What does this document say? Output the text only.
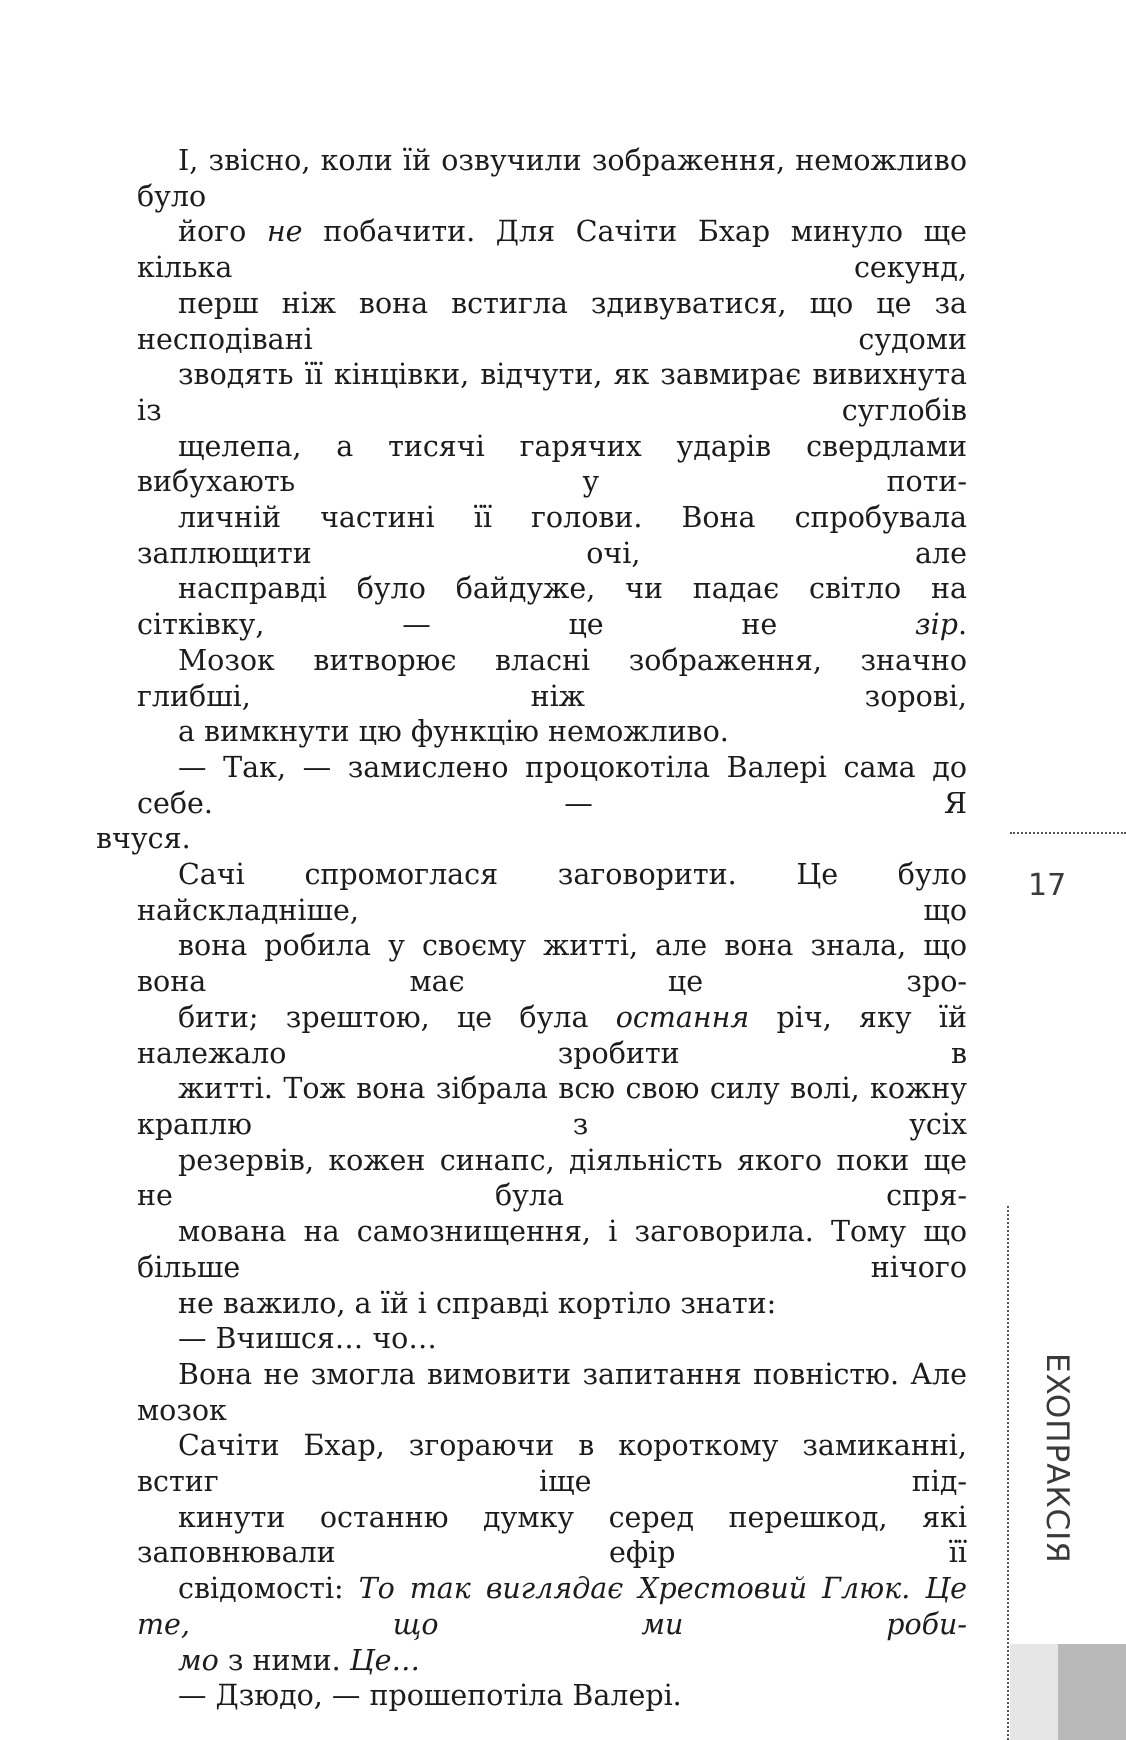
І, звісно, коли їй озвучили зображення, неможливо було
його не побачити. Для Сачіти Бхар минуло ще кілька секунд,
перш ніж вона встигла здивуватися, що це за несподівані судоми
зводять її кінцівки, відчути, як завмирає вивихнута із суглобів
щелепа, а тисячі гарячих ударів свердлами вибухають у поти-
личній частині її голови. Вона спробувала заплющити очі, але
насправді було байдуже, чи падає світло на сітківку, — це не зір.
Мозок витворює власні зображення, значно глибші, ніж зорові,
а вимкнути цю функцію неможливо.

— Так, — замислено процокотіла Валері сама до себе. — Я
вчуся.

Сачі спромоглася заговорити. Це було найскладніше, що
вона робила у своєму житті, але вона знала, що вона має це зро-
бити; зрештою, це була остання річ, яку їй належало зробити в
житті. Тож вона зібрала всю свою силу волі, кожну краплю з усіх
резервів, кожен синапс, діяльність якого поки ще не була спря-
мована на самознищення, і заговорила. Тому що більше нічого
не важило, а їй і справді кортіло знати:

— Вчишся… чо…

Вона не змогла вимовити запитання повністю. Але мозок
Сачіти Бхар, згораючи в короткому замиканні, встиг іще під-
кинути останню думку серед перешкод, які заповнювали ефір її
свідомості: То так виглядає Хрестовий Глюк. Це те, що ми	роби-
мо з ними. Це…

— Дзюдо, — прошепотіла Валері.

17
EXOПРАКСІЯ
